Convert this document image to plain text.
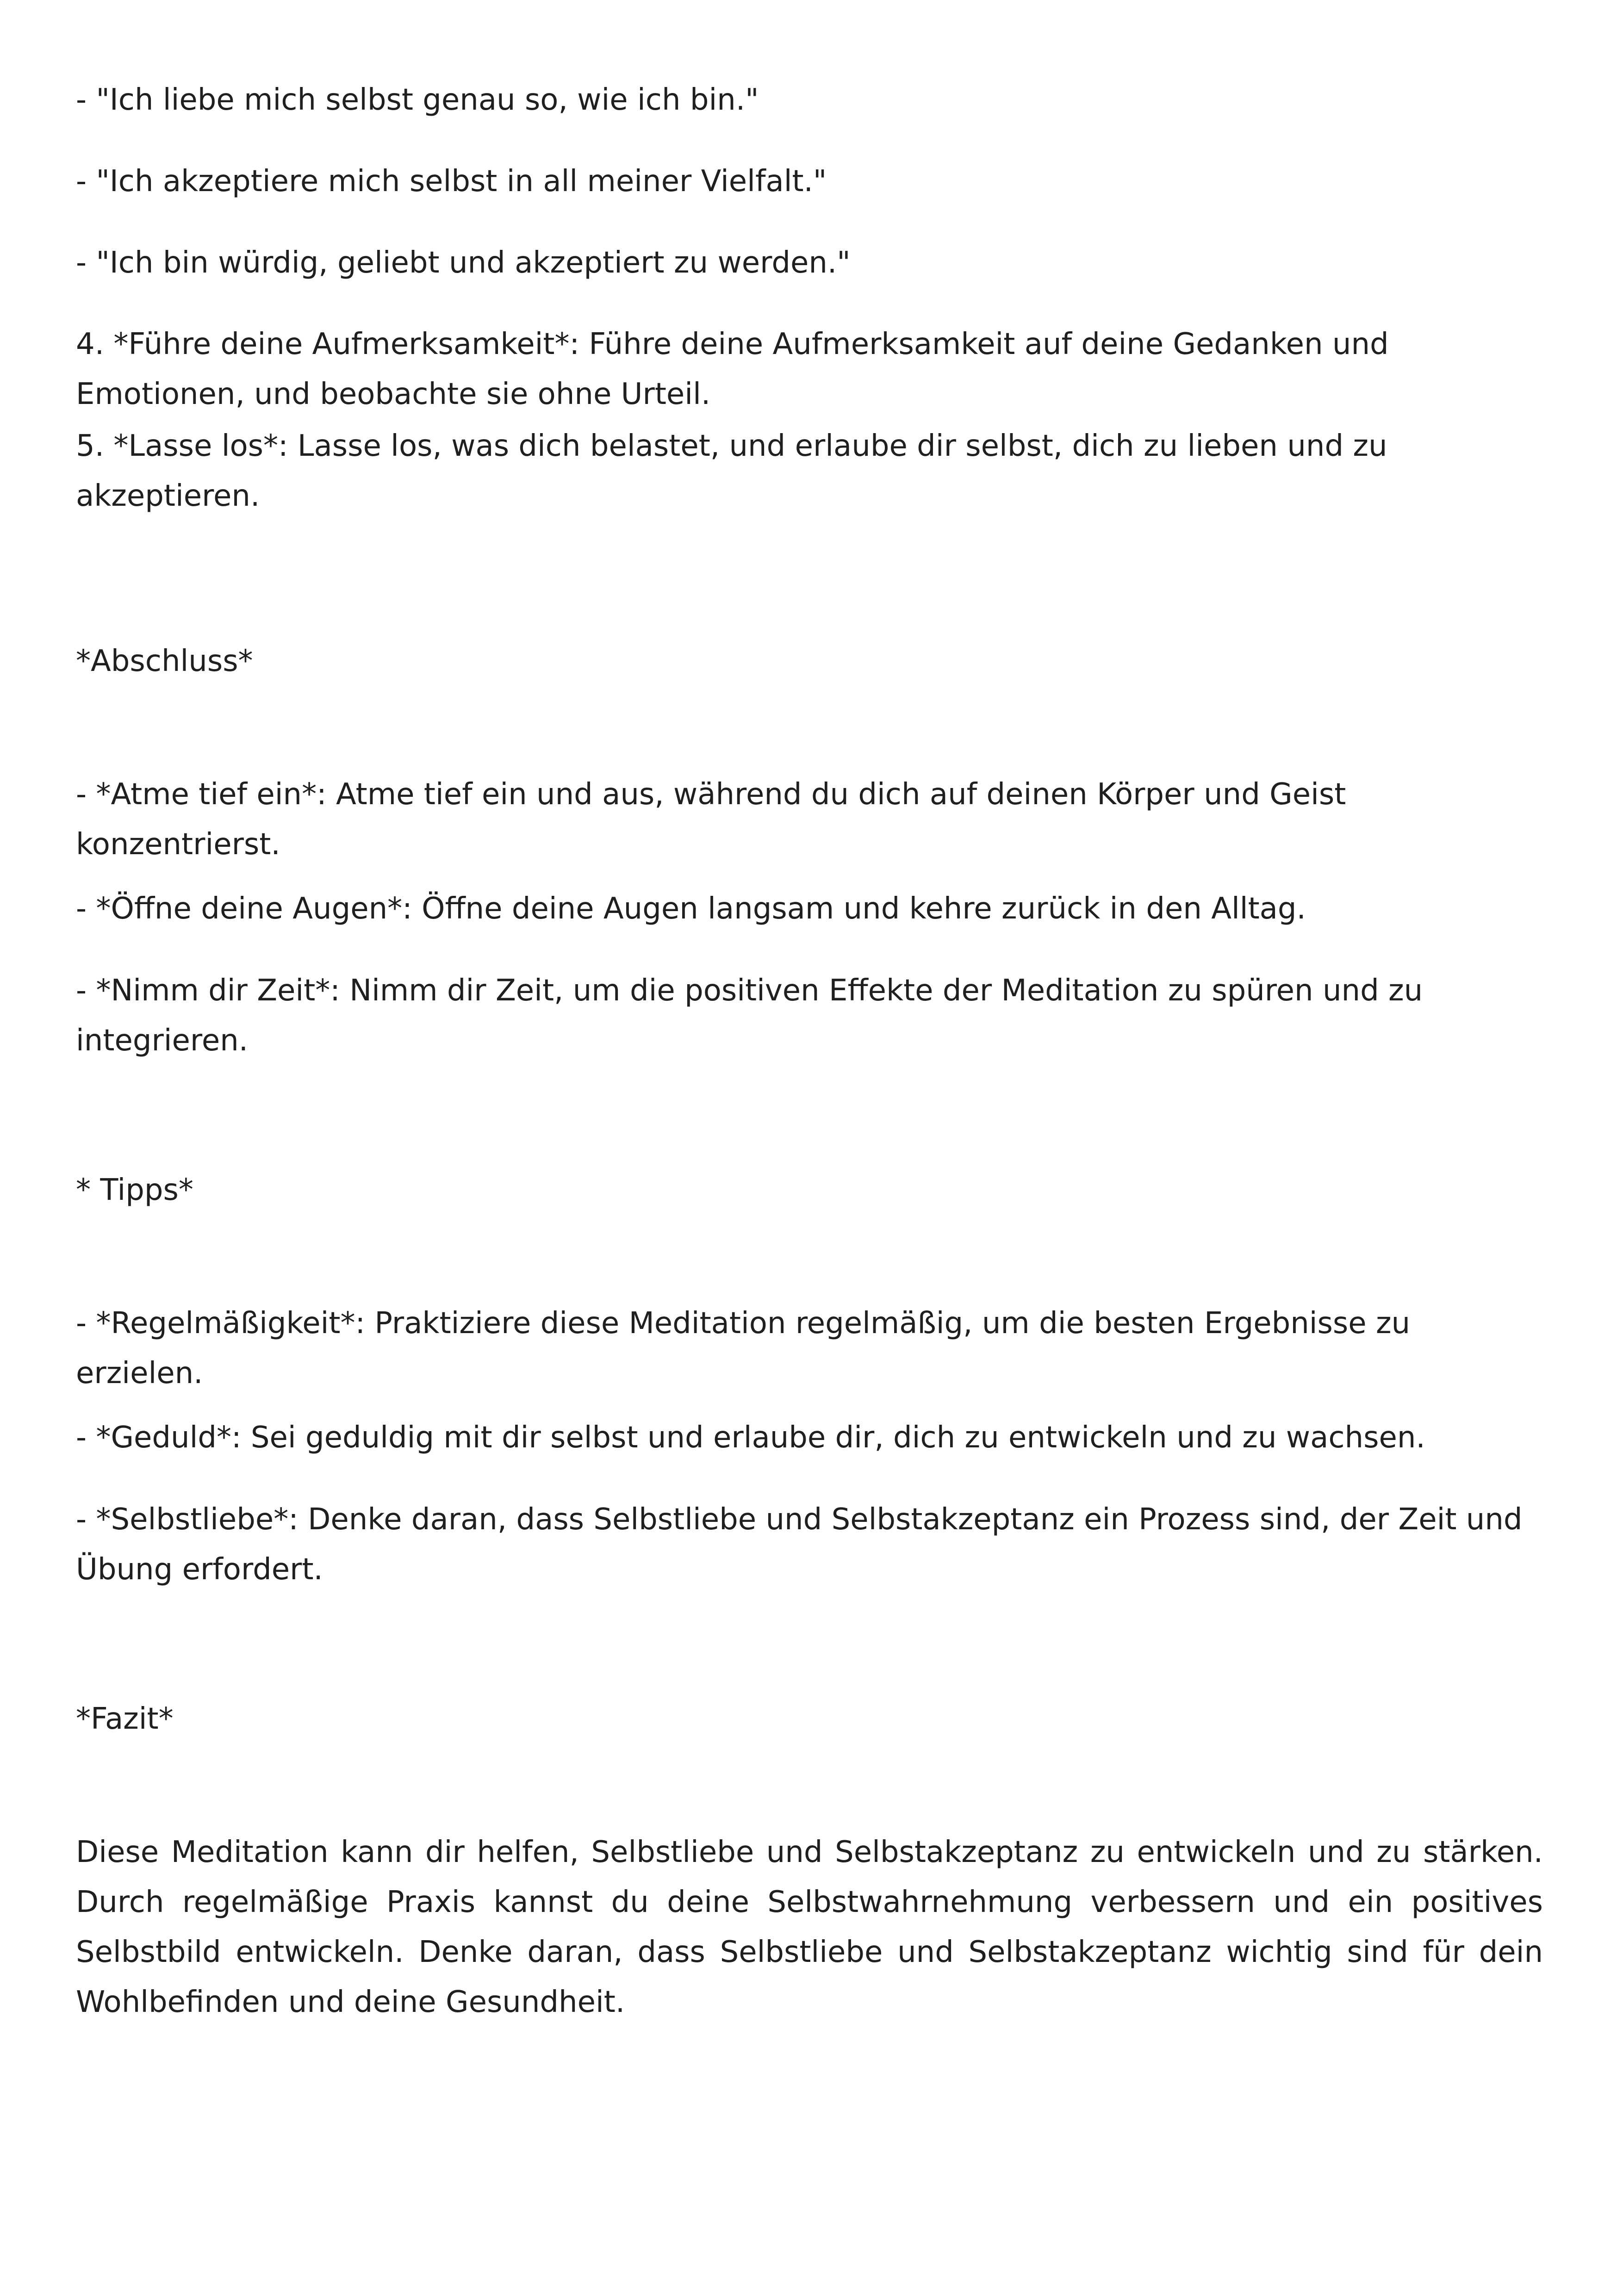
- "Ich liebe mich selbst genau so, wie ich bin."

- "Ich akzeptiere mich selbst in all meiner Vielfalt."

- "Ich bin würdig, geliebt und akzeptiert zu werden."

4. *Führe deine Aufmerksamkeit*: Führe deine Aufmerksamkeit auf deine Gedanken und Emotionen, und beobachte sie ohne Urteil.

5. *Lasse los*: Lasse los, was dich belastet, und erlaube dir selbst, dich zu lieben und zu akzeptieren.

*Abschluss*

- *Atme tief ein*: Atme tief ein und aus, während du dich auf deinen Körper und Geist konzentrierst.

- *Öffne deine Augen*: Öffne deine Augen langsam und kehre zurück in den Alltag.

- *Nimm dir Zeit*: Nimm dir Zeit, um die positiven Effekte der Meditation zu spüren und zu integrieren.

* Tipps*

- *Regelmäßigkeit*: Praktiziere diese Meditation regelmäßig, um die besten Ergebnisse zu erzielen.

- *Geduld*: Sei geduldig mit dir selbst und erlaube dir, dich zu entwickeln und zu wachsen.

- *Selbstliebe*: Denke daran, dass Selbstliebe und Selbstakzeptanz ein Prozess sind, der Zeit und Übung erfordert.

*Fazit*

Diese Meditation kann dir helfen, Selbstliebe und Selbstakzeptanz zu entwickeln und zu stärken. Durch regelmäßige Praxis kannst du deine Selbstwahrnehmung verbessern und ein positives Selbstbild entwickeln. Denke daran, dass Selbstliebe und Selbstakzeptanz wichtig sind für dein Wohlbefinden und deine Gesundheit.
